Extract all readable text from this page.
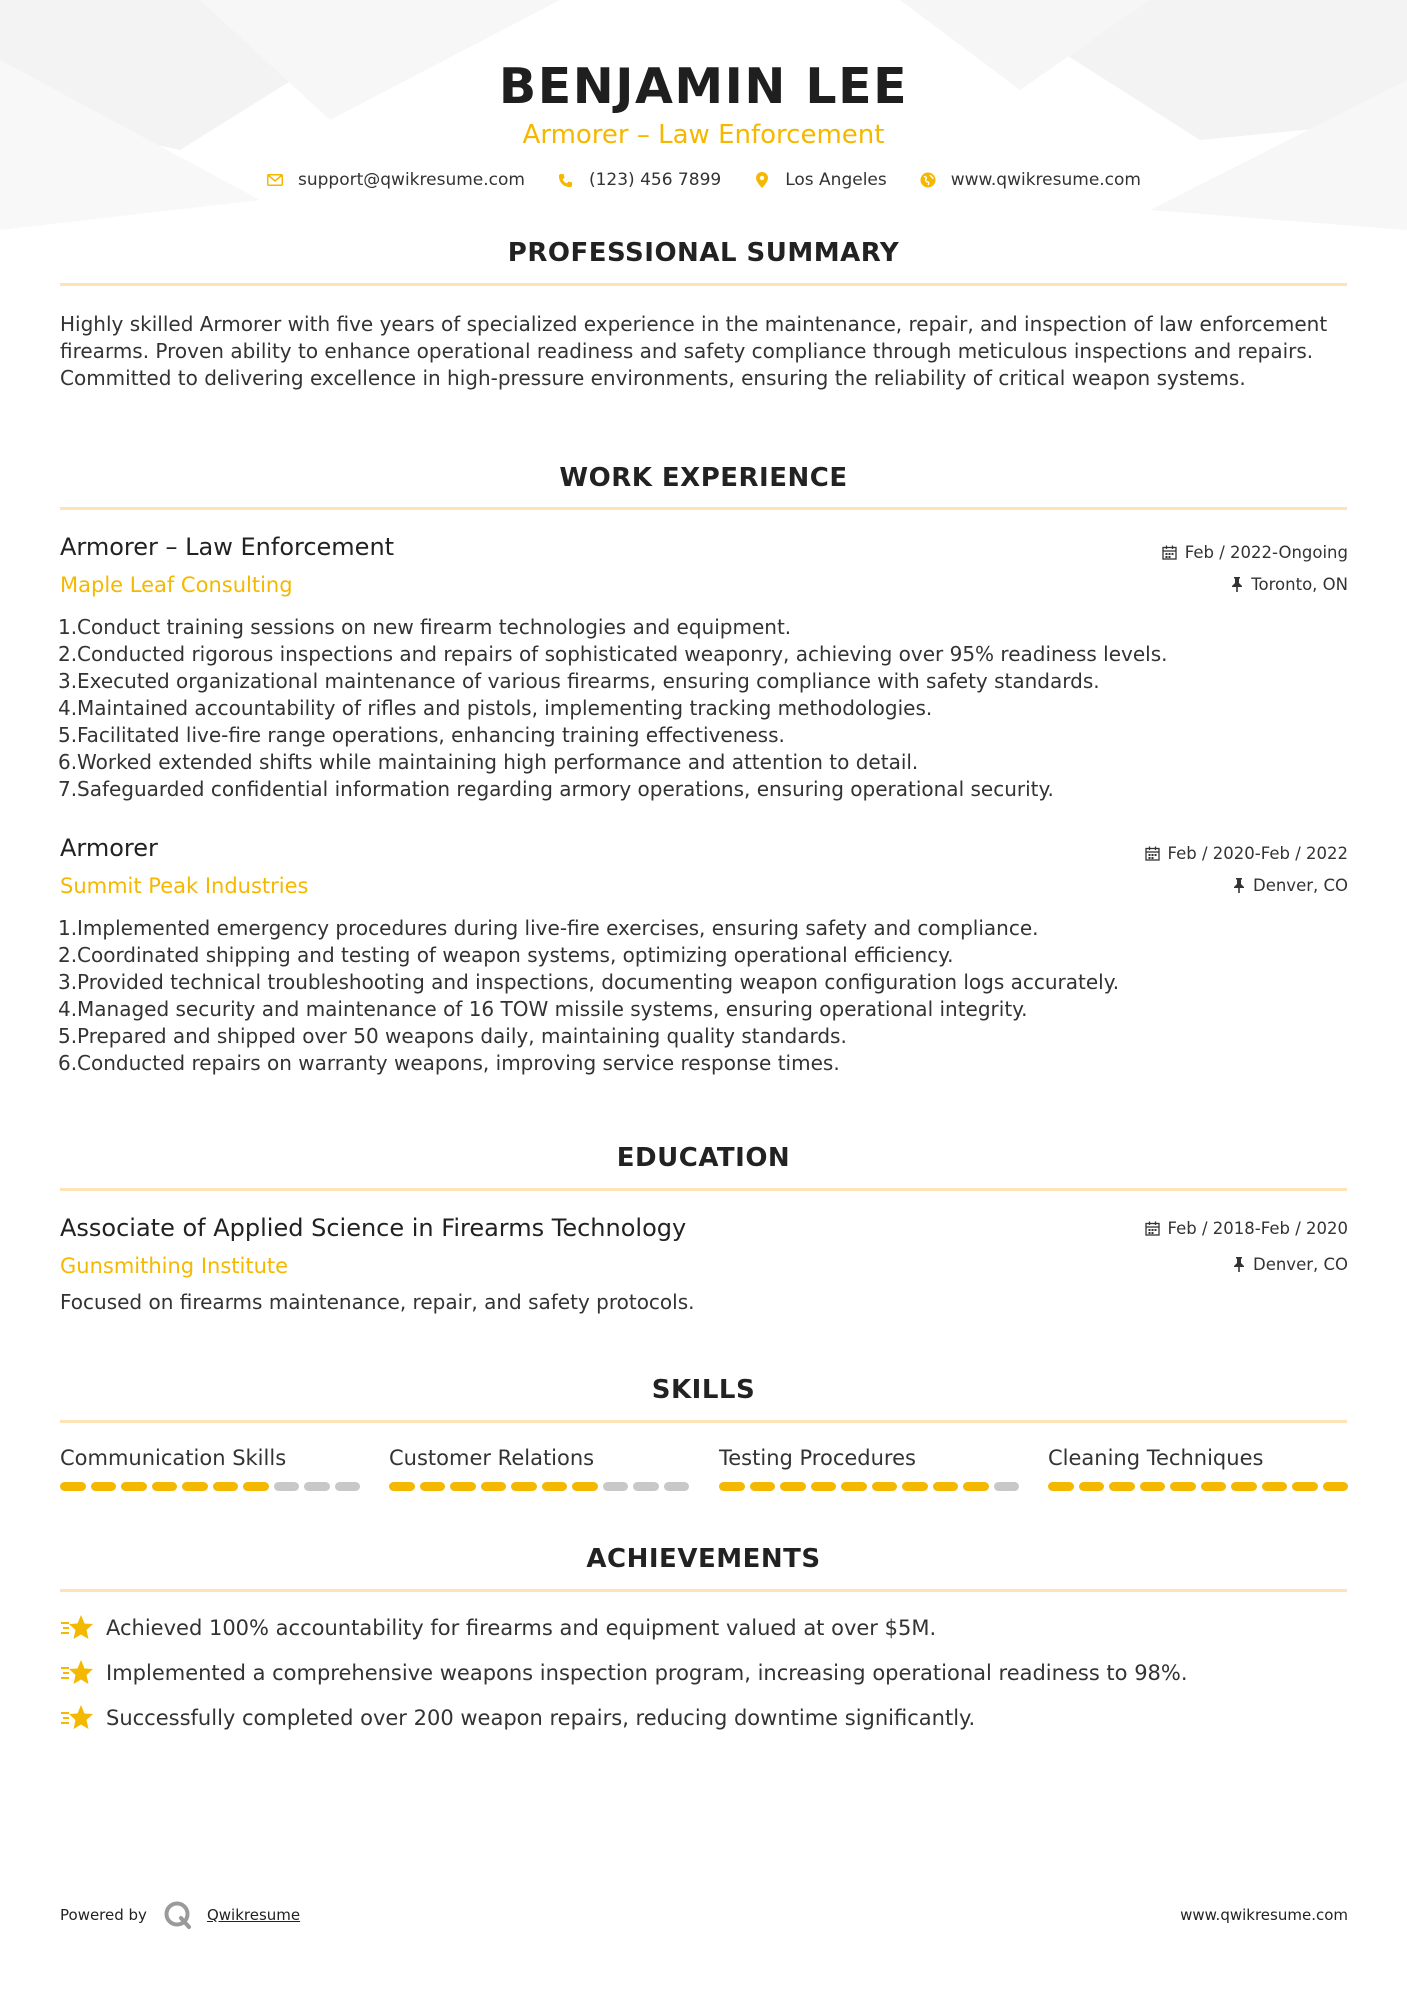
BENJAMIN LEE
Armorer – Law Enforcement
support@qwikresume.com	(123) 456 7899	Los Angeles	www.qwikresume.com
PROFESSIONAL SUMMARY
Highly skilled Armorer with five years of specialized experience in the maintenance, repair, and inspection of law enforcement firearms. Proven ability to enhance operational readiness and safety compliance through meticulous inspections and repairs. Committed to delivering excellence in high-pressure environments, ensuring the reliability of critical weapon systems.
WORK EXPERIENCE
Armorer – Law Enforcement
Maple Leaf Consulting
Feb / 2022-Ongoing
Toronto, ON
1. Conduct training sessions on new firearm technologies and equipment.
2. Conducted rigorous inspections and repairs of sophisticated weaponry, achieving over 95% readiness levels.
3. Executed organizational maintenance of various firearms, ensuring compliance with safety standards.
4. Maintained accountability of rifles and pistols, implementing tracking methodologies.
5. Facilitated live-fire range operations, enhancing training effectiveness.
6. Worked extended shifts while maintaining high performance and attention to detail.
7. Safeguarded confidential information regarding armory operations, ensuring operational security.
Armorer
Summit Peak Industries
Feb / 2020-Feb / 2022
Denver, CO
1. Implemented emergency procedures during live-fire exercises, ensuring safety and compliance.
2. Coordinated shipping and testing of weapon systems, optimizing operational efficiency.
3. Provided technical troubleshooting and inspections, documenting weapon configuration logs accurately.
4. Managed security and maintenance of 16 TOW missile systems, ensuring operational integrity.
5. Prepared and shipped over 50 weapons daily, maintaining quality standards.
6. Conducted repairs on warranty weapons, improving service response times.
EDUCATION
Associate of Applied Science in Firearms Technology
Gunsmithing Institute
Feb / 2018-Feb / 2020
Denver, CO
Focused on firearms maintenance, repair, and safety protocols.
SKILLS
Communication Skills	Customer Relations	Testing Procedures	Cleaning Techniques
ACHIEVEMENTS
Achieved 100% accountability for firearms and equipment valued at over $5M.
Implemented a comprehensive weapons inspection program, increasing operational readiness to 98%.
Successfully completed over 200 weapon repairs, reducing downtime significantly.
Powered by	Qwikresume	www.qwikresume.com
